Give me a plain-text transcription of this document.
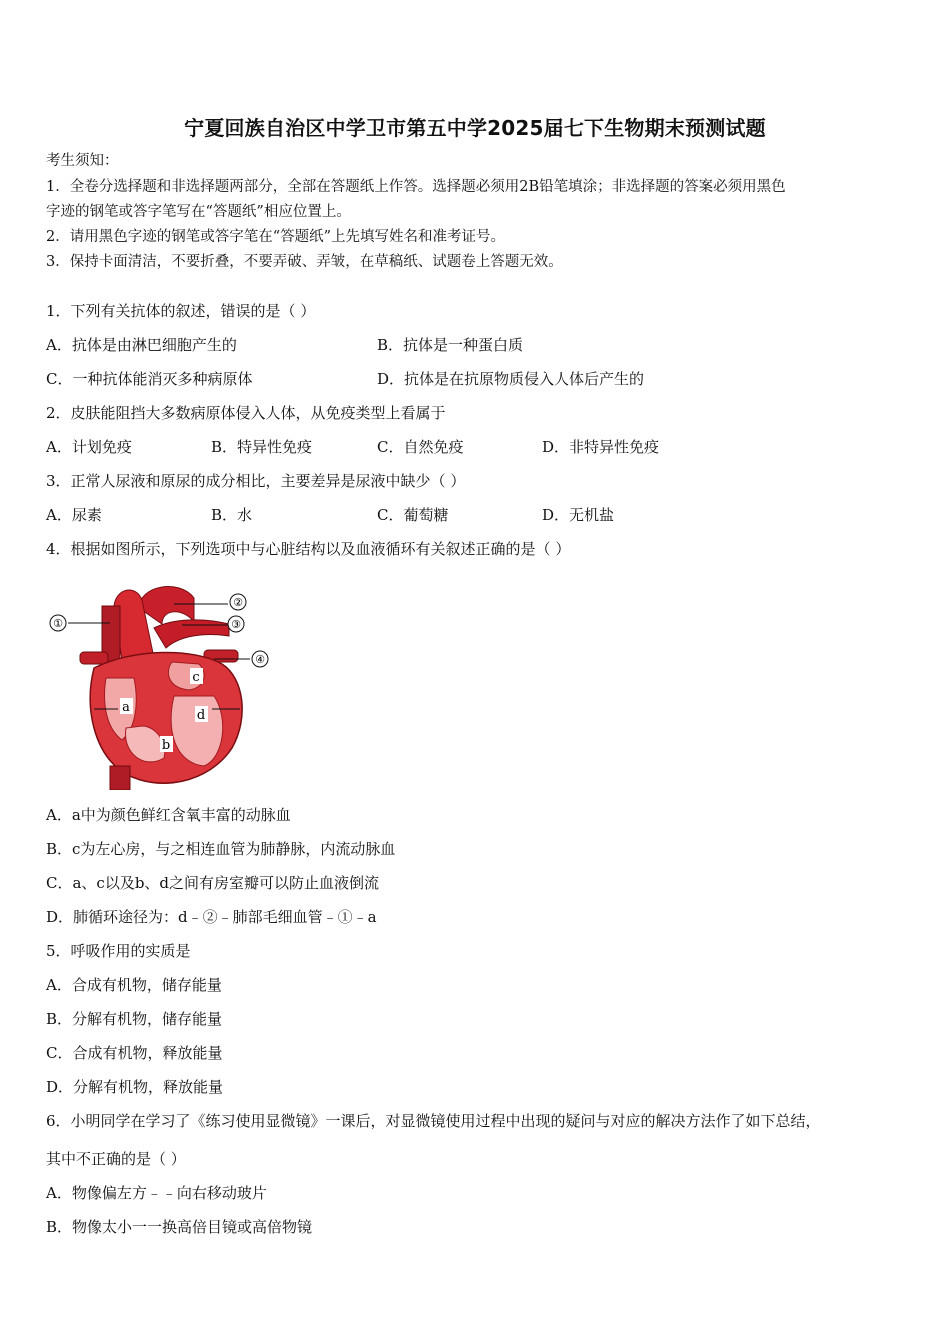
宁夏回族自治区中学卫市第五中学2025届七下生物期末预测试题
考生须知：
1．全卷分选择题和非选择题两部分，全部在答题纸上作答。选择题必须用2B铅笔填涂；非选择题的答案必须用黑色
字迹的钢笔或答字笔写在“答题纸”相应位置上。
2．请用黑色字迹的钢笔或答字笔在“答题纸”上先填写姓名和准考证号。
3．保持卡面清洁，不要折叠，不要弄破、弄皱，在草稿纸、试题卷上答题无效。
1．下列有关抗体的叙述，错误的是（ ）
A．抗体是由淋巴细胞产生的	B．抗体是一种蛋白质
C．一种抗体能消灭多种病原体	D．抗体是在抗原物质侵入人体后产生的
2．皮肤能阻挡大多数病原体侵入人体，从免疫类型上看属于
A．计划免疫	B．特异性免疫	C．自然免疫	D．非特异性免疫
3．正常人尿液和原尿的成分相比，主要差异是尿液中缺少（ ）
A．尿素	B．水	C．葡萄糖	D．无机盐
4．根据如图所示，下列选项中与心脏结构以及血液循环有关叙述正确的是（ ）
①
②
③
④
a
b
c
d
A．a中为颜色鲜红含氧丰富的动脉血
B．c为左心房，与之相连血管为肺静脉，内流动脉血
C．a、c以及b、d之间有房室瓣可以防止血液倒流
D．肺循环途径为：d﹣②﹣肺部毛细血管﹣①﹣a
5．呼吸作用的实质是
A．合成有机物，储存能量
B．分解有机物，储存能量
C．合成有机物，释放能量
D．分解有机物，释放能量
6．小明同学在学习了《练习使用显微镜》一课后，对显微镜使用过程中出现的疑问与对应的解决方法作了如下总结，
其中不正确的是（ ）
A．物像偏左方﹣﹣向右移动玻片
B．物像太小一一换高倍目镜或高倍物镜
